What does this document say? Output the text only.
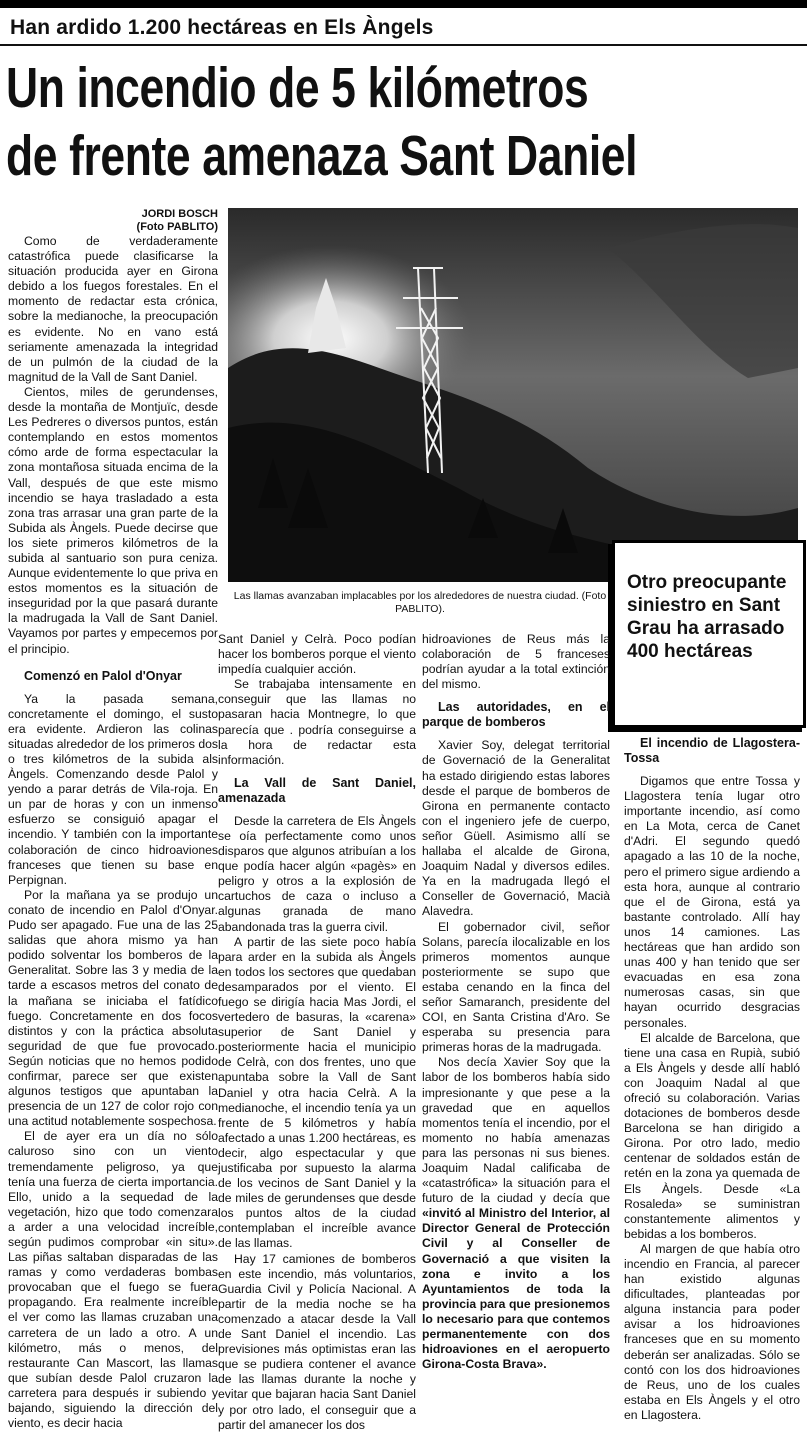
Han ardido 1.200 hectáreas en Els Àngels
Un incendio de 5 kilómetros
de frente amenaza Sant Daniel
Las llamas avanzaban implacables por los alrededores de nuestra ciudad. (Foto PABLITO).
Otro preocupante siniestro en Sant Grau ha arrasado 400 hectáreas
JORDI BOSCH
(Foto PABLITO)

Como de verdaderamente catastrófica puede clasificarse la situación producida ayer en Girona debido a los fuegos forestales. En el momento de redactar esta crónica, sobre la medianoche, la preocupación es evidente. No en vano está seriamente amenazada la integridad de un pulmón de la ciudad de la magnitud de la Vall de Sant Daniel.

Cientos, miles de gerundenses, desde la montaña de Montjuïc, desde Les Pedreres o diversos puntos, están contemplando en estos momentos cómo arde de forma espectacular la zona montañosa situada encima de la Vall, después de que este mismo incendio se haya trasladado a esta zona tras arrasar una gran parte de la Subida als Àngels. Puede decirse que los siete primeros kilómetros de la subida al santuario son pura ceniza. Aunque evidentemente lo que priva en estos momentos es la situación de inseguridad por la que pasará durante la madrugada la Vall de Sant Daniel. Vayamos por partes y empecemos por el principio.

Comenzó en Palol d'Onyar

Ya la pasada semana, concretamente el domingo, el susto era evidente. Ardieron las colinas situadas alrededor de los primeros dos o tres kilómetros de la subida als Àngels. Comenzando desde Palol y yendo a parar detrás de Vila-roja. En un par de horas y con un inmenso esfuerzo se consiguió apagar el incendio. Y también con la importante colaboración de cinco hidroaviones franceses que tienen su base en Perpignan.

Por la mañana ya se produjo un conato de incendio en Palol d'Onyar. Pudo ser apagado. Fue una de las 25 salidas que ahora mismo ya han podido solventar los bomberos de la Generalitat. Sobre las 3 y media de la tarde a escasos metros del conato de la mañana se iniciaba el fatídico fuego. Concretamente en dos focos distintos y con la práctica absoluta seguridad de que fue provocado. Según noticias que no hemos podido confirmar, parece ser que existen algunos testigos que apuntaban la presencia de un 127 de color rojo con una actitud notablemente sospechosa.

El de ayer era un día no sólo caluroso sino con un viento tremendamente peligroso, ya que tenía una fuerza de cierta importancia. Ello, unido a la sequedad de la vegetación, hizo que todo comenzara a arder a una velocidad increíble, según pudimos comprobar «in situ». Las piñas saltaban disparadas de las ramas y como verdaderas bombas provocaban que el fuego se fuera propagando. Era realmente increíble el ver como las llamas cruzaban una carretera de un lado a otro. A un kilómetro, más o menos, del restaurante Can Mascort, las llamas que subían desde Palol cruzaron la carretera para después ir subiendo y bajando, siguiendo la dirección del viento, es decir hacia

Sant Daniel y Celrà. Poco podían hacer los bomberos porque el viento impedía cualquier acción.

Se trabajaba intensamente en conseguir que las llamas no pasaran hacia Montnegre, lo que parecía que . podría conseguirse a la hora de redactar esta información.

La Vall de Sant Daniel, amenazada

Desde la carretera de Els Àngels se oía perfectamente como unos disparos que algunos atribuían a los que podía hacer algún «pagès» en peligro y otros a la explosión de cartuchos de caza o incluso a algunas granada de mano abandonada tras la guerra civil.

A partir de las siete poco había para arder en la subida als Àngels en todos los sectores que quedaban desamparados por el viento. El fuego se dirigía hacia Mas Jordi, el vertedero de basuras, la «carena» superior de Sant Daniel y posteriormente hacia el municipio de Celrà, con dos frentes, uno que apuntaba sobre la Vall de Sant Daniel y otra hacia Celrà. A la medianoche, el incendio tenía ya un frente de 5 kilómetros y había afectado a unas 1.200 hectáreas, es decir, algo espectacular y que justificaba por supuesto la alarma de los vecinos de Sant Daniel y la de miles de gerundenses que desde los puntos altos de la ciudad contemplaban el increíble avance de las llamas.

Hay 17 camiones de bomberos en este incendio, más voluntarios, Guardia Civil y Policía Nacional. A partir de la media noche se ha comenzado a atacar desde la Vall de Sant Daniel el incendio. Las previsiones más optimistas eran las que se pudiera contener el avance de las llamas durante la noche y evitar que bajaran hacia Sant Daniel y por otro lado, el conseguir que a partir del amanecer los dos

hidroaviones de Reus más la colaboración de 5 franceses podrían ayudar a la total extinción del mismo.

Las autoridades, en el parque de bomberos

Xavier Soy, delegat territorial de Governació de la Generalitat ha estado dirigiendo estas labores desde el parque de bomberos de Girona en permanente contacto con el ingeniero jefe de cuerpo, señor Güell. Asimismo allí se hallaba el alcalde de Girona, Joaquim Nadal y diversos ediles. Ya en la madrugada llegó el Conseller de Governació, Macià Alavedra.

El gobernador civil, señor Solans, parecía ilocalizable en los primeros momentos aunque posteriormente se supo que estaba cenando en la finca del señor Samaranch, presidente del COI, en Santa Cristina d'Aro. Se esperaba su presencia para primeras horas de la madrugada.

Nos decía Xavier Soy que la labor de los bomberos había sido impresionante y que pese a la gravedad que en aquellos momentos tenía el incendio, por el momento no había amenazas para las personas ni sus bienes. Joaquim Nadal calificaba de «catastrófica» la situación para el futuro de la ciudad y decía que «invitó al Ministro del Interior, al Director General de Protección Civil y al Conseller de Governació a que visiten la zona e invito a los Ayuntamientos de toda la provincia para que presionemos lo necesario para que contemos permanentemente con dos hidroaviones en el aeropuerto Girona-Costa Brava».

El incendio de Llagostera-Tossa

Digamos que entre Tossa y Llagostera tenía lugar otro importante incendio, así como en La Mota, cerca de Canet d'Adri. El segundo quedó apagado a las 10 de la noche, pero el primero sigue ardiendo a esta hora, aunque al contrario que el de Girona, está ya bastante controlado. Allí hay unos 14 camiones. Las hectáreas que han ardido son unas 400 y han tenido que ser evacuadas en esa zona numerosas casas, sin que hayan ocurrido desgracias personales.

El alcalde de Barcelona, que tiene una casa en Rupià, subió a Els Àngels y desde allí habló con Joaquim Nadal al que ofreció su colaboración. Varias dotaciones de bomberos desde Barcelona se han dirigido a Girona. Por otro lado, medio centenar de soldados están de retén en la zona ya quemada de Els Àngels. Desde «La Rosaleda» se suministran constantemente alimentos y bebidas a los bomberos.

Al margen de que había otro incendio en Francia, al parecer han existido algunas dificultades, planteadas por alguna instancia para poder avisar a los hidroaviones franceses que en su momento deberán ser analizadas. Sólo se contó con los dos hidroaviones de Reus, uno de los cuales estaba en Els Àngels y el otro en Llagostera.
